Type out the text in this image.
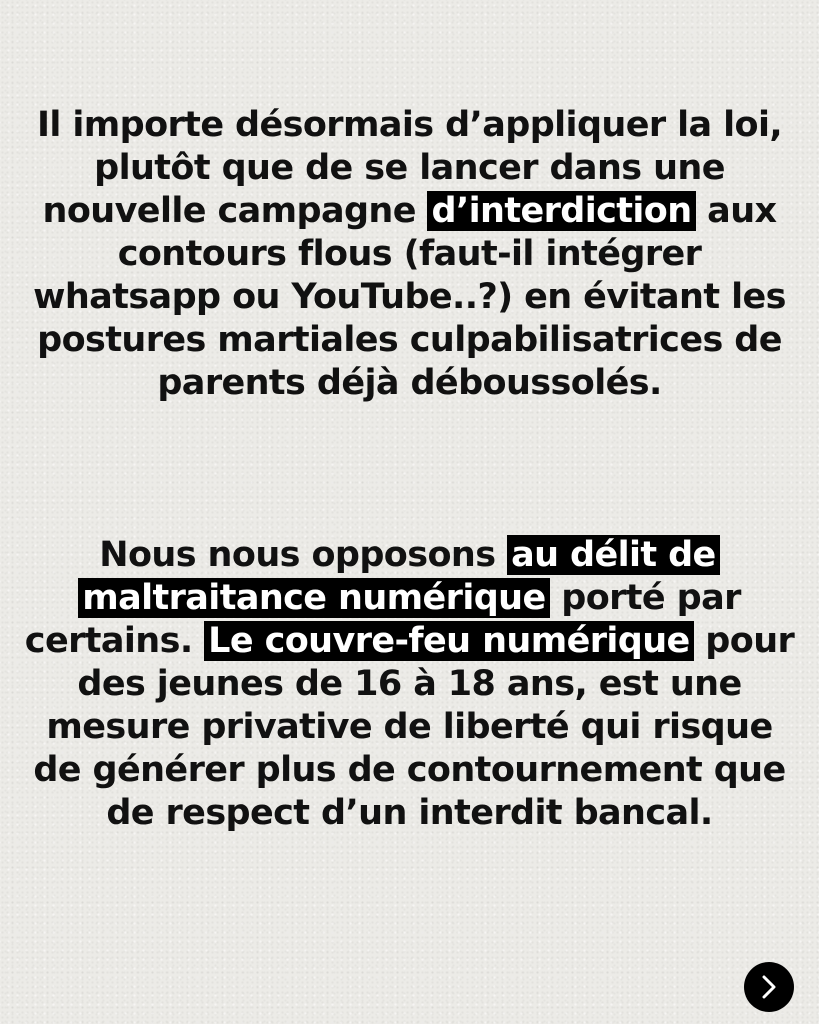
Il importe désormais d’appliquer la loi, plutôt que de se lancer dans une nouvelle campagne d’interdiction aux contours flous (faut-il intégrer whatsapp ou YouTube..?) en évitant les postures martiales culpabilisatrices de parents déjà déboussolés.
Nous nous opposons au délit de maltraitance numérique porté par certains. Le couvre-feu numérique pour des jeunes de 16 à 18 ans, est une mesure privative de liberté qui risque de générer plus de contournement que de respect d’un interdit bancal.
